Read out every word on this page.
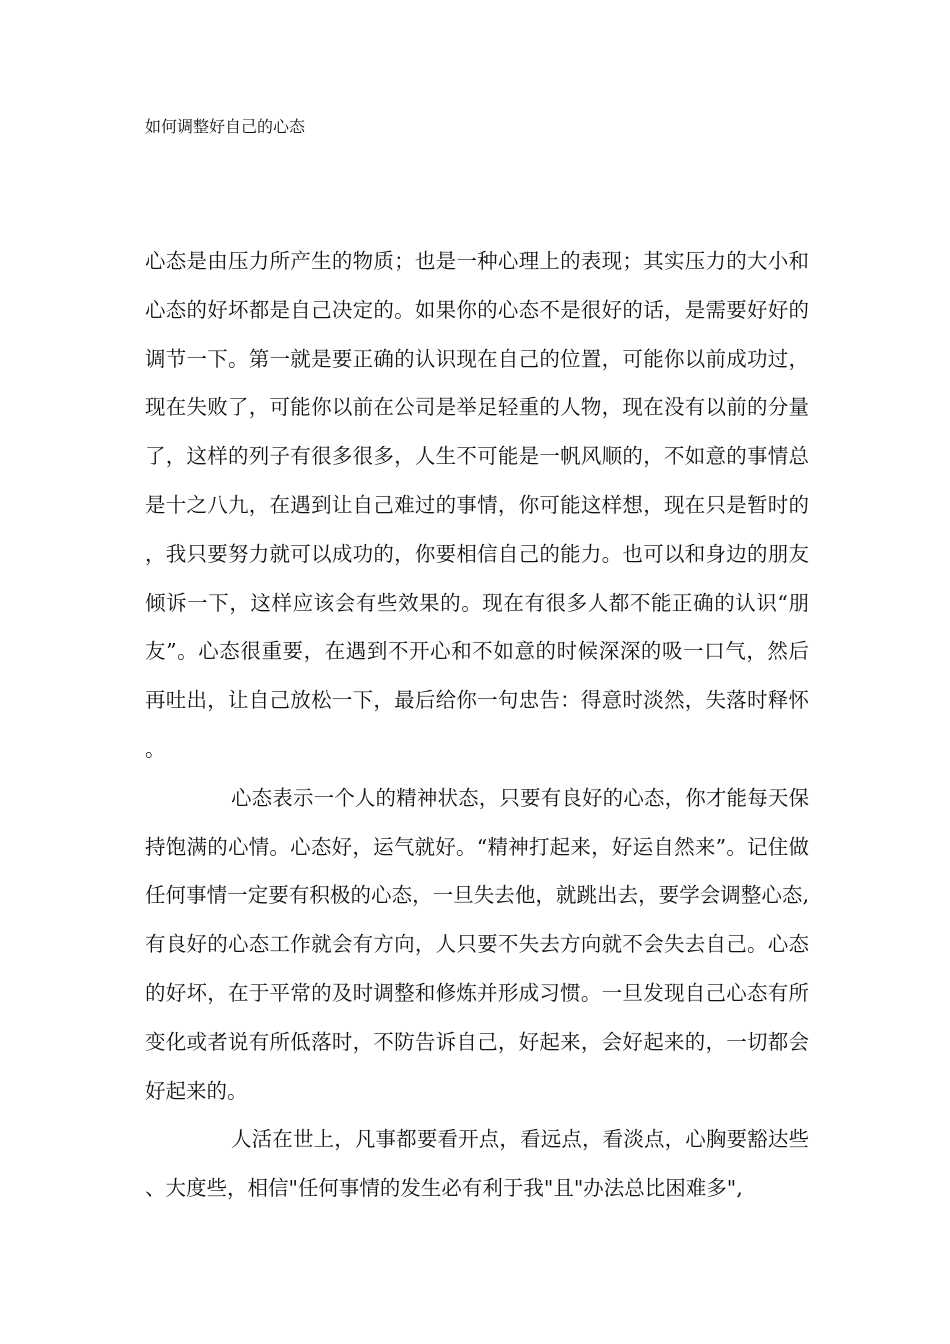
如何调整好自己的心态

心态是由压力所产生的物质；也是一种心理上的表现；其实压力的大小和心态的好坏都是自己决定的。如果你的心态不是很好的话，是需要好好的调节一下。第一就是要正确的认识现在自己的位置，可能你以前成功过，现在失败了，可能你以前在公司是举足轻重的人物，现在没有以前的分量了，这样的列子有很多很多，人生不可能是一帆风顺的，不如意的事情总是十之八九，在遇到让自己难过的事情，你可能这样想，现在只是暂时的，我只要努力就可以成功的，你要相信自己的能力。也可以和身边的朋友倾诉一下，这样应该会有些效果的。现在有很多人都不能正确的认识“朋友”。心态很重要，在遇到不开心和不如意的时候深深的吸一口气，然后再吐出，让自己放松一下，最后给你一句忠告：得意时淡然，失落时释怀。

心态表示一个人的精神状态，只要有良好的心态，你才能每天保持饱满的心情。心态好，运气就好。“精神打起来，好运自然来”。记住做任何事情一定要有积极的心态，一旦失去他，就跳出去，要学会调整心态, 有良好的心态工作就会有方向，人只要不失去方向就不会失去自己。心态的好坏，在于平常的及时调整和修炼并形成习惯。一旦发现自己心态有所变化或者说有所低落时，不防告诉自己，好起来，会好起来的，一切都会好起来的。

人活在世上，凡事都要看开点，看远点，看淡点，心胸要豁达些、大度些，相信"任何事情的发生必有利于我"且"办法总比困难多",
